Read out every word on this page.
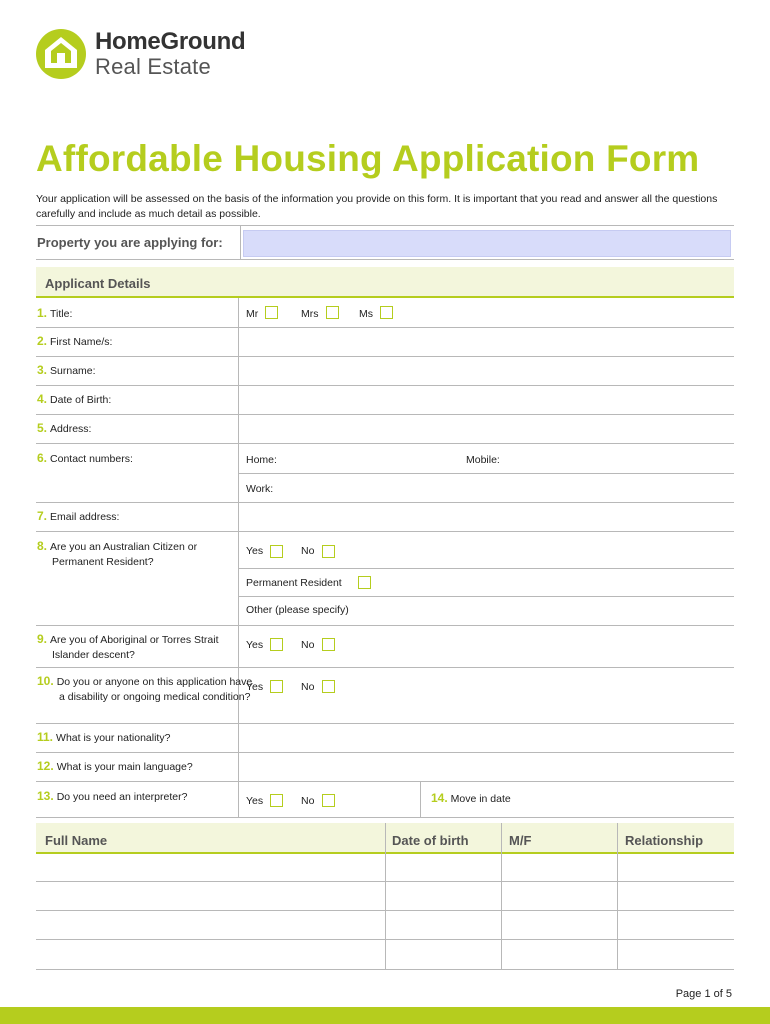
HomeGround
Real Estate
Affordable Housing Application Form
Your application will be assessed on the basis of the information you provide on this form. It is important that you read and answer all the questions carefully and include as much detail as possible.
Property you are applying for:
Applicant Details
1. Title:	Mr	Mrs	Ms
2. First Name/s:
3. Surname:
4. Date of Birth:
5. Address:
6. Contact numbers:	Home:	Mobile:
Work:
7. Email address:
8. Are you an Australian Citizen or Permanent Resident?
Yes	No
Permanent Resident
Other (please specify)
9. Are you of Aboriginal or Torres Strait Islander descent?
Yes	No
10. Do you or anyone on this application have a disability or ongoing medical condition?
Yes	No
11. What is your nationality?
12. What is your main language?
13. Do you need an interpreter?	Yes	No	14. Move in date
Full Name	Date of birth	M/F	Relationship
Page 1 of 5
